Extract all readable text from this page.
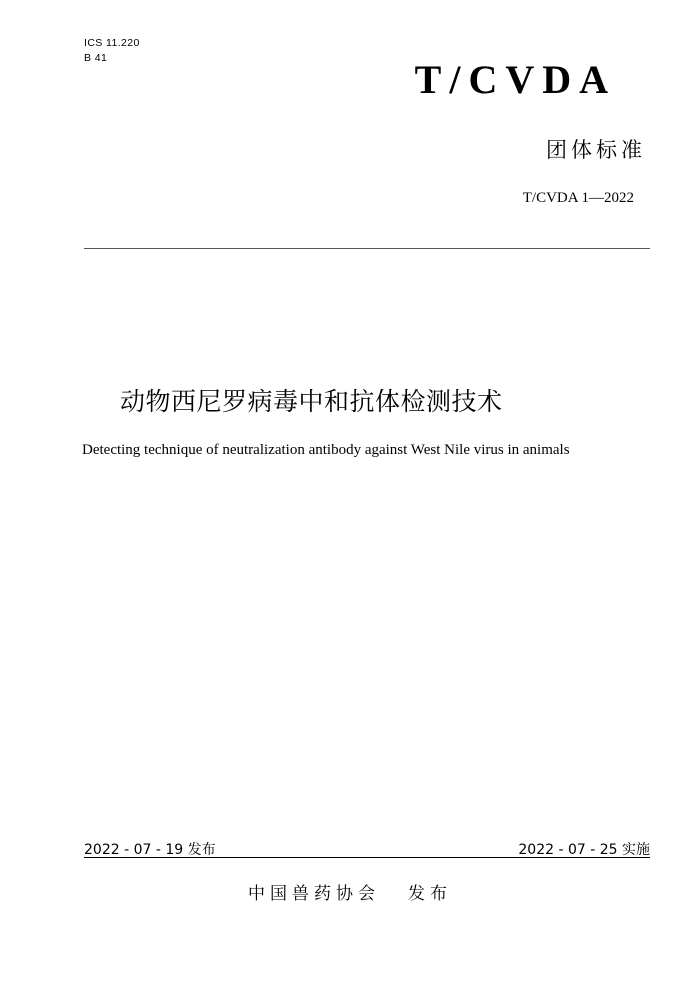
ICS 11.220
B 41	T/CVDA
团体标准
T/CVDA 1—2022
动物西尼罗病毒中和抗体检测技术
Detecting technique of neutralization antibody against West Nile virus in animals
2022 - 07 - 19 发布	2022 - 07 - 25 实施
中国兽药协会 发布
